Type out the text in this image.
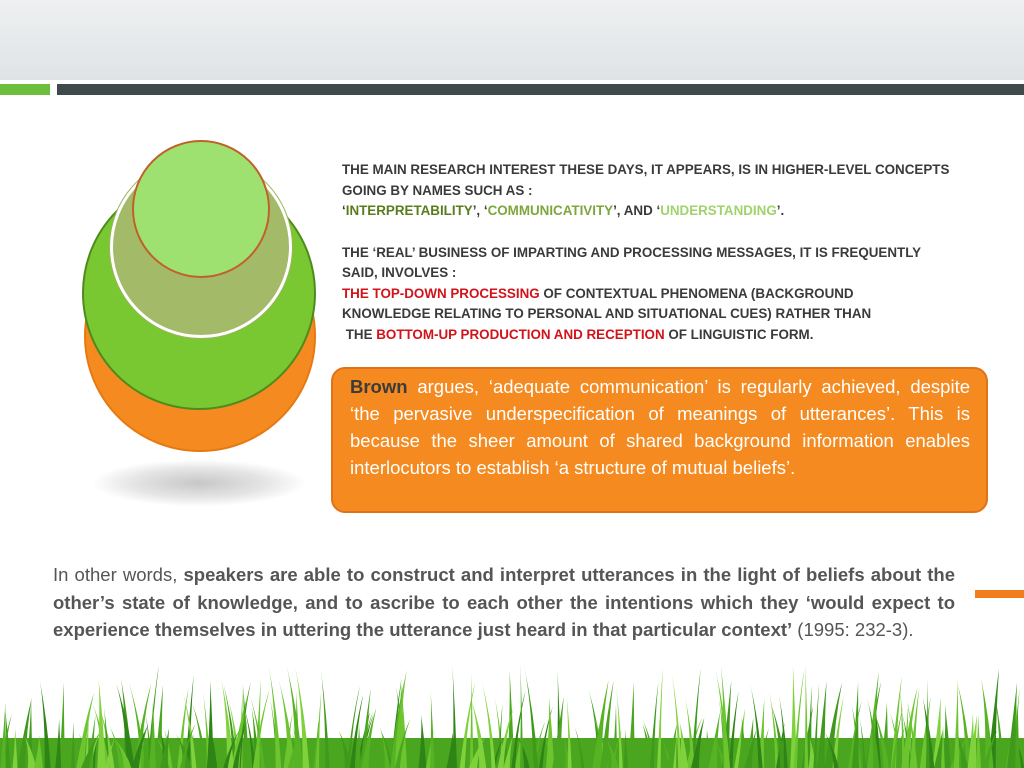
THE MAIN RESEARCH INTEREST THESE DAYS, IT APPEARS, IS IN HIGHER-LEVEL CONCEPTS

GOING BY NAMES SUCH AS :

‘INTERPRETABILITY’, ‘COMMUNICATIVITY’, AND ‘UNDERSTANDING’.

THE ‘REAL’ BUSINESS OF IMPARTING AND PROCESSING MESSAGES, IT IS FREQUENTLY

SAID, INVOLVES :

THE TOP-DOWN PROCESSING OF CONTEXTUAL PHENOMENA (BACKGROUND

KNOWLEDGE RELATING TO PERSONAL AND SITUATIONAL CUES) RATHER THAN

THE BOTTOM-UP PRODUCTION AND RECEPTION OF LINGUISTIC FORM.

Brown argues, ‘adequate communication’ is regularly achieved, despite ‘the pervasive underspecification of meanings of utterances’. This is because the sheer amount of shared background information enables interlocutors to establish ‘a structure of mutual beliefs’.
In other words, speakers are able to construct and interpret utterances in the light of beliefs about the other’s state of knowledge, and to ascribe to each other the intentions which they ‘would expect to experience themselves in uttering the utterance just heard in that particular context’ (1995: 232-3).
